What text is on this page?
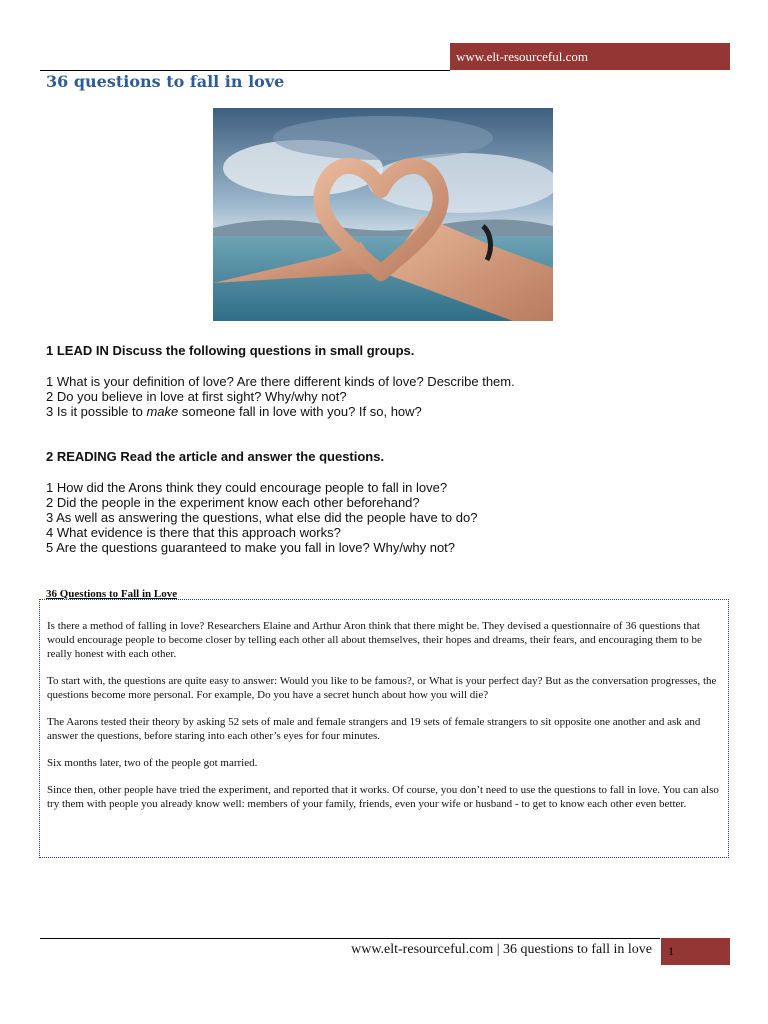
www.elt-resourceful.com
36 questions to fall in love

1 LEAD IN Discuss the following questions in small groups.

1 What is your definition of love? Are there different kinds of love? Describe them.

2 Do you believe in love at first sight? Why/why not?

3 Is it possible to make someone fall in love with you? If so, how?

2 READING Read the article and answer the questions.

1 How did the Arons think they could encourage people to fall in love?

2 Did the people in the experiment know each other beforehand?

3 As well as answering the questions, what else did the people have to do?

4 What evidence is there that this approach works?

5 Are the questions guaranteed to make you fall in love? Why/why not?

36 Questions to Fall in Love

Is there a method of falling in love? Researchers Elaine and Arthur Aron think that there might be. They devised a questionnaire of 36 questions that would encourage people to become closer by telling each other all about themselves, their hopes and dreams, their fears, and encouraging them to be really honest with each other.

To start with, the questions are quite easy to answer: Would you like to be famous?, or What is your perfect day? But as the conversation progresses, the questions become more personal. For example, Do you have a secret hunch about how you will die?

The Aarons tested their theory by asking 52 sets of male and female strangers and 19 sets of female strangers to sit opposite one another and ask and answer the questions, before staring into each other’s eyes for four minutes.

Six months later, two of the people got married.

Since then, other people have tried the experiment, and reported that it works. Of course, you don’t need to use the questions to fall in love. You can also try them with people you already know well: members of your family, friends, even your wife or husband - to get to know each other even better.

www.elt-resourceful.com | 36 questions to fall in love	1
